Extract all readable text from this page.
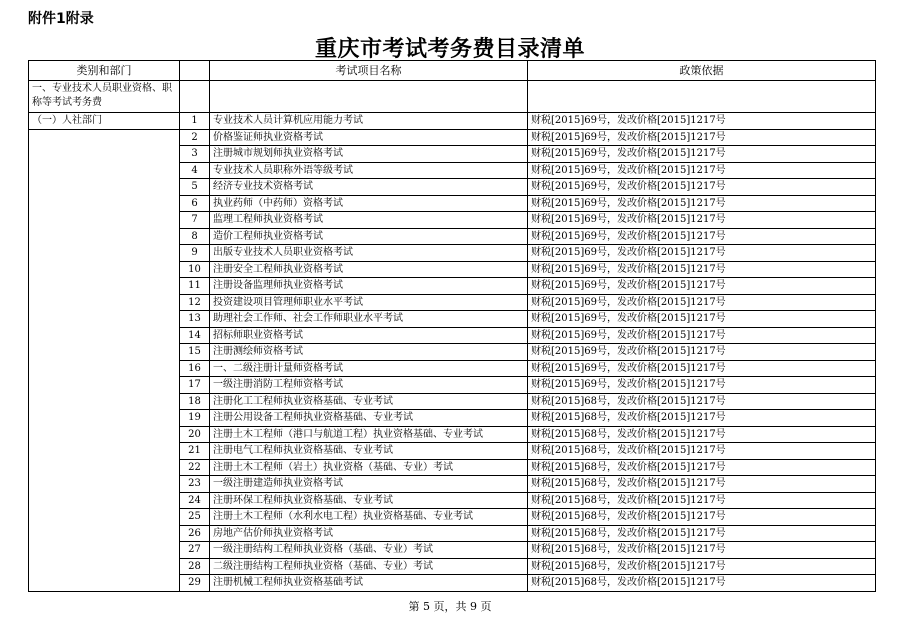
附件1附录
重庆市考试考务费目录清单
类别和部门		考试项目名称	政策依据
一、专业技术人员职业资格、职称等考试考务费			
（一）人社部门	1	专业技术人员计算机应用能力考试	财税[2015]69号，发改价格[2015]1217号
	2	价格鉴证师执业资格考试	财税[2015]69号，发改价格[2015]1217号
	3	注册城市规划师执业资格考试	财税[2015]69号，发改价格[2015]1217号
	4	专业技术人员职称外语等级考试	财税[2015]69号，发改价格[2015]1217号
	5	经济专业技术资格考试	财税[2015]69号，发改价格[2015]1217号
	6	执业药师（中药师）资格考试	财税[2015]69号，发改价格[2015]1217号
	7	监理工程师执业资格考试	财税[2015]69号，发改价格[2015]1217号
	8	造价工程师执业资格考试	财税[2015]69号，发改价格[2015]1217号
	9	出版专业技术人员职业资格考试	财税[2015]69号，发改价格[2015]1217号
	10	注册安全工程师执业资格考试	财税[2015]69号，发改价格[2015]1217号
	11	注册设备监理师执业资格考试	财税[2015]69号，发改价格[2015]1217号
	12	投资建设项目管理师职业水平考试	财税[2015]69号，发改价格[2015]1217号
	13	助理社会工作师、社会工作师职业水平考试	财税[2015]69号，发改价格[2015]1217号
	14	招标师职业资格考试	财税[2015]69号，发改价格[2015]1217号
	15	注册测绘师资格考试	财税[2015]69号，发改价格[2015]1217号
	16	一、二级注册计量师资格考试	财税[2015]69号，发改价格[2015]1217号
	17	一级注册消防工程师资格考试	财税[2015]69号，发改价格[2015]1217号
	18	注册化工工程师执业资格基础、专业考试	财税[2015]68号，发改价格[2015]1217号
	19	注册公用设备工程师执业资格基础、专业考试	财税[2015]68号，发改价格[2015]1217号
	20	注册土木工程师（港口与航道工程）执业资格基础、专业考试	财税[2015]68号，发改价格[2015]1217号
	21	注册电气工程师执业资格基础、专业考试	财税[2015]68号，发改价格[2015]1217号
	22	注册土木工程师（岩土）执业资格（基础、专业）考试	财税[2015]68号，发改价格[2015]1217号
	23	一级注册建造师执业资格考试	财税[2015]68号，发改价格[2015]1217号
	24	注册环保工程师执业资格基础、专业考试	财税[2015]68号，发改价格[2015]1217号
	25	注册土木工程师（水利水电工程）执业资格基础、专业考试	财税[2015]68号，发改价格[2015]1217号
	26	房地产估价师执业资格考试	财税[2015]68号，发改价格[2015]1217号
	27	一级注册结构工程师执业资格（基础、专业）考试	财税[2015]68号，发改价格[2015]1217号
	28	二级注册结构工程师执业资格（基础、专业）考试	财税[2015]68号，发改价格[2015]1217号
	29	注册机械工程师执业资格基础考试	财税[2015]68号，发改价格[2015]1217号
第 5 页，共 9 页
